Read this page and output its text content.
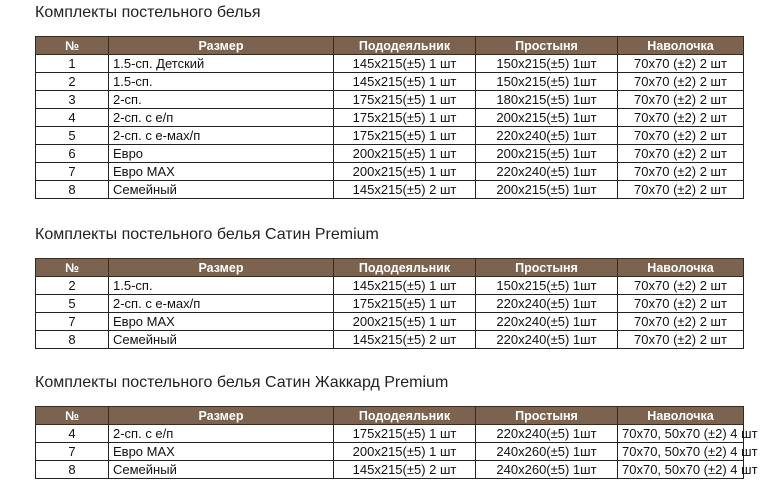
Комплекты постельного белья
№	Размер	Пододеяльник	Простыня	Наволочка
1	1.5-сп. Детский	145x215(±5) 1 шт	150x215(±5) 1шт	70x70 (±2) 2 шт
2	1.5-сп.	145x215(±5) 1 шт	150x215(±5) 1шт	70x70 (±2) 2 шт
3	2-сп.	175x215(±5) 1 шт	180x215(±5) 1шт	70x70 (±2) 2 шт
4	2-сп. с е/п	175x215(±5) 1 шт	200x215(±5) 1шт	70x70 (±2) 2 шт
5	2-сп. с е-мах/п	175x215(±5) 1 шт	220x240(±5) 1шт	70x70 (±2) 2 шт
6	Евро	200x215(±5) 1 шт	200x215(±5) 1шт	70x70 (±2) 2 шт
7	Евро MAX	200x215(±5) 1 шт	220x240(±5) 1шт	70x70 (±2) 2 шт
8	Семейный	145x215(±5) 2 шт	200x215(±5) 1шт	70x70 (±2) 2 шт
Комплекты постельного белья Сатин Premium
№	Размер	Пододеяльник	Простыня	Наволочка
2	1.5-сп.	145x215(±5) 1 шт	150x215(±5) 1шт	70x70 (±2) 2 шт
5	2-сп. с е-мах/п	175x215(±5) 1 шт	220x240(±5) 1шт	70x70 (±2) 2 шт
7	Евро MAX	200x215(±5) 1 шт	220x240(±5) 1шт	70x70 (±2) 2 шт
8	Семейный	145x215(±5) 2 шт	220x240(±5) 1шт	70x70 (±2) 2 шт
Комплекты постельного белья Сатин Жаккард Premium
№	Размер	Пододеяльник	Простыня	Наволочка
4	2-сп. с е/п	175x215(±5) 1 шт	220x240(±5) 1шт	70x70, 50x70 (±2) 4 шт
7	Евро MAX	200x215(±5) 1 шт	240x260(±5) 1шт	70x70, 50x70 (±2) 4 шт
8	Семейный	145x215(±5) 2 шт	240x260(±5) 1шт	70x70, 50x70 (±2) 4 шт
